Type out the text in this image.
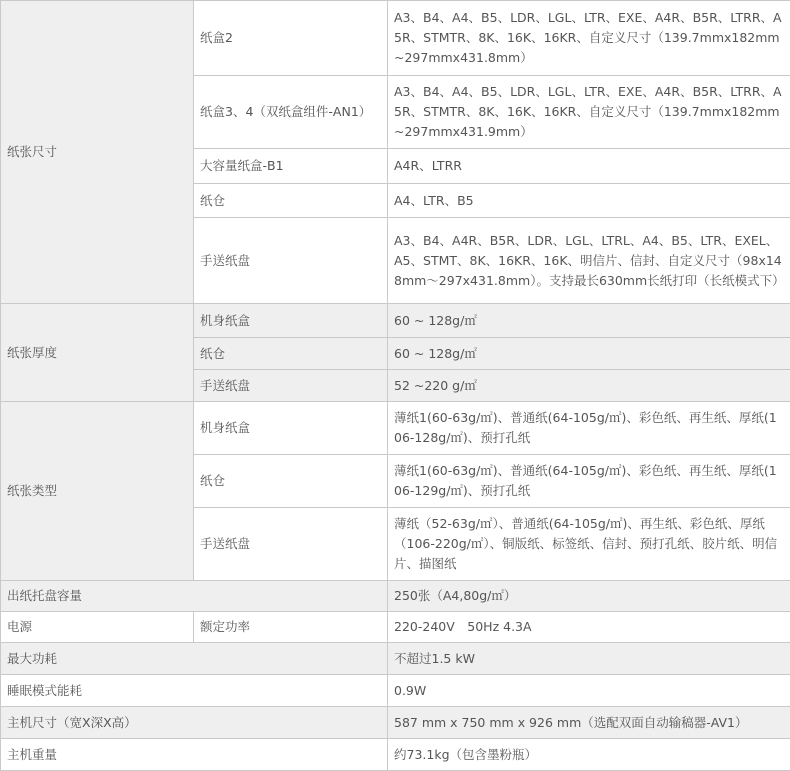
纸张尺寸	纸盒2	A3、B4、A4、B5、LDR、LGL、LTR、EXE、A4R、B5R、LTRR、A5R、STMTR、8K、16K、16KR、自定义尺寸（139.7mmx182mm~297mmx431.8mm）
	纸盒3、4（双纸盒组件-AN1）	A3、B4、A4、B5、LDR、LGL、LTR、EXE、A4R、B5R、LTRR、A5R、STMTR、8K、16K、16KR、自定义尺寸（139.7mmx182mm~297mmx431.9mm）
	大容量纸盒-B1	A4R、LTRR
	纸仓	A4、LTR、B5
	手送纸盘	A3、B4、A4R、B5R、LDR、LGL、LTRL、A4、B5、LTR、EXEL、A5、STMT、8K、16KR、16K、明信片、信封、自定义尺寸（98x148mm～297x431.8mm）。支持最长630mm长纸打印（长纸模式下）
纸张厚度	机身纸盒	60 ~ 128g/㎡
	纸仓	60 ~ 128g/㎡
	手送纸盘	52 ~220 g/㎡
纸张类型	机身纸盒	薄纸1(60-63g/㎡)、普通纸(64-105g/㎡)、彩色纸、再生纸、厚纸(106-128g/㎡)、预打孔纸
	纸仓	薄纸1(60-63g/㎡)、普通纸(64-105g/㎡)、彩色纸、再生纸、厚纸(106-129g/㎡)、预打孔纸
	手送纸盘	薄纸（52-63g/㎡）、普通纸(64-105g/㎡)、再生纸、彩色纸、厚纸（106-220g/㎡）、铜版纸、标签纸、信封、预打孔纸、胶片纸、明信片、描图纸
出纸托盘容量		250张（A4,80g/㎡）
电源	额定功率	220-240V　50Hz 4.3A
最大功耗		不超过1.5 kW
睡眠模式能耗		0.9W
主机尺寸（宽X深X高）		587 mm x 750 mm x 926 mm（选配双面自动输稿器-AV1）
主机重量		约73.1kg（包含墨粉瓶）
